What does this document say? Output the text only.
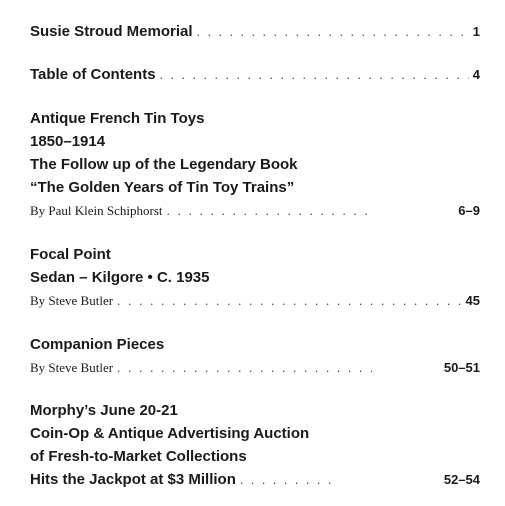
Susie Stroud Memorial . . .	1
Table of Contents . . .	4
Antique French Tin Toys
1850–1914
The Follow up of the Legendary Book
“The Golden Years of Tin Toy Trains”
By Paul Klein Schiphorst . . .	6–9
Focal Point
Sedan – Kilgore • C. 1935
By Steve Butler . . .	45
Companion Pieces
By Steve Butler . . .	50–51
Morphy’s June 20-21
Coin-Op & Antique Advertising Auction
of Fresh-to-Market Collections
Hits the Jackpot at $3 Million . . .	52–54
